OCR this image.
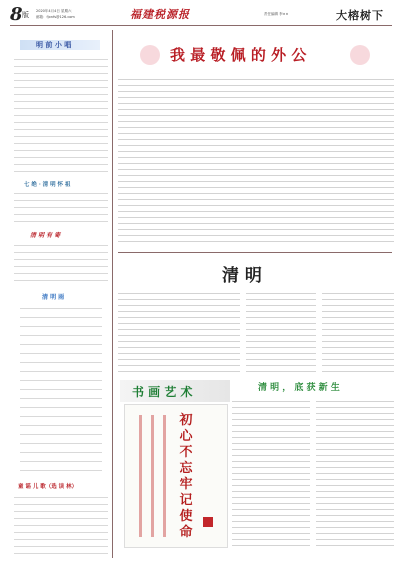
8 版 2020年4月4日 星期六
邮箱：fjxnfs@126.com	福建税源报	责任编辑 李××	大榕树下
明 前 小 唱
七 绝 · 清 明 怀 祖
清 明 有 寄
清 明 雨
童 谣 儿 歌（选 读 林）
我 最 敬 佩 的 外 公
清 明
书 画 艺 术
初
心
不
忘
牢
记
使
命
清 明 ， 底 获 新 生
